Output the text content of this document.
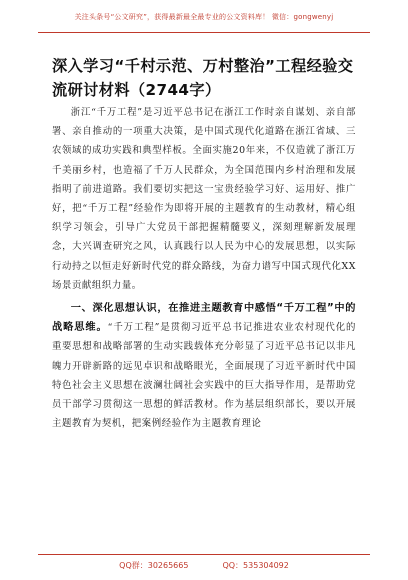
关注头条号“公文研究”，获得最新最全最专业的公文资料库！ 微信：gongwenyj
深入学习“千村示范、万村整治”工程经验交流研讨材料（2744字）

浙江“千万工程”是习近平总书记在浙江工作时亲自谋划、亲自部署、亲自推动的一项重大决策，是中国式现代化道路在浙江省域、三农领域的成功实践和典型样板。全面实施20年来，不仅造就了浙江万千美丽乡村，也造福了千万人民群众，为全国范围内乡村治理和发展指明了前进道路。我们要切实把这一宝贵经验学习好、运用好、推广好，把“千万工程”经验作为即将开展的主题教育的生动教材，精心组织学习领会，引导广大党员干部把握精髓要义，深刻理解新发展理念，大兴调查研究之风，认真践行以人民为中心的发展思想，以实际行动持之以恒走好新时代党的群众路线，为奋力谱写中国式现代化XX场景贡献组织力量。

一、深化思想认识，在推进主题教育中感悟“千万工程”中的战略思维。“千万工程”是贯彻习近平总书记推进农业农村现代化的重要思想和战略部署的生动实践载体充分彰显了习近平总书记以非凡魄力开辟新路的远见卓识和战略眼光，全面展现了习近平新时代中国特色社会主义思想在波澜壮阔社会实践中的巨大指导作用，是帮助党员干部学习贯彻这一思想的鲜活教材。作为基层组织部长，要以开展主题教育为契机，把案例经验作为主题教育理论

QQ群：30265665	QQ：535304092
